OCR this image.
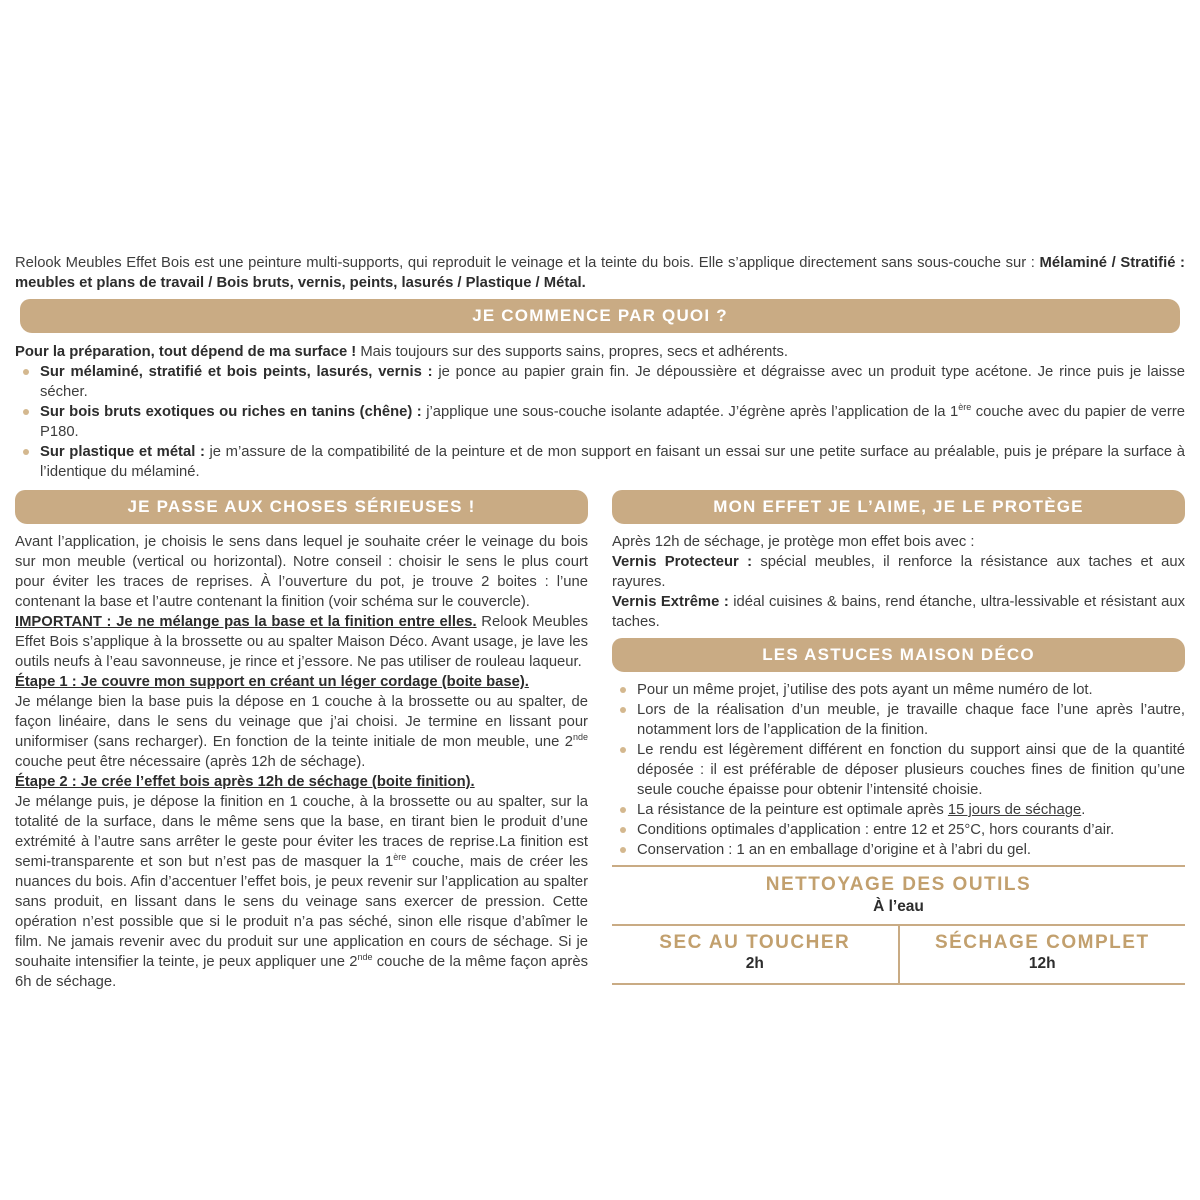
Relook Meubles Effet Bois est une peinture multi-supports, qui reproduit le veinage et la teinte du bois. Elle s’applique directement sans sous-couche sur : Mélaminé / Stratifié : meubles et plans de travail / Bois bruts, vernis, peints, lasurés / Plastique / Métal.

JE COMMENCE PAR QUOI ?

Pour la préparation, tout dépend de ma surface ! Mais toujours sur des supports sains, propres, secs et adhérents.

Sur mélaminé, stratifié et bois peints, lasurés, vernis : je ponce au papier grain fin. Je dépoussière et dégraisse avec un produit type acétone. Je rince puis je laisse sécher.
Sur bois bruts exotiques ou riches en tanins (chêne) : j’applique une sous-couche isolante adaptée. J’égrène après l’application de la 1ère couche avec du papier de verre P180.
Sur plastique et métal : je m’assure de la compatibilité de la peinture et de mon support en faisant un essai sur une petite surface au préalable, puis je prépare la surface à l’identique du mélaminé.
JE PASSE AUX CHOSES SÉRIEUSES !

Avant l’application, je choisis le sens dans lequel je souhaite créer le veinage du bois sur mon meuble (vertical ou horizontal). Notre conseil : choisir le sens le plus court pour éviter les traces de reprises. À l’ouverture du pot, je trouve 2 boites : l’une contenant la base et l’autre contenant la finition (voir schéma sur le couvercle).

IMPORTANT : Je ne mélange pas la base et la finition entre elles. Relook Meubles Effet Bois s’applique à la brossette ou au spalter Maison Déco. Avant usage, je lave les outils neufs à l’eau savonneuse, je rince et j’essore. Ne pas utiliser de rouleau laqueur.

Étape 1 : Je couvre mon support en créant un léger cordage (boite base).

Je mélange bien la base puis la dépose en 1 couche à la brossette ou au spalter, de façon linéaire, dans le sens du veinage que j’ai choisi. Je termine en lissant pour uniformiser (sans recharger). En fonction de la teinte initiale de mon meuble, une 2nde couche peut être nécessaire (après 12h de séchage).

Étape 2 : Je crée l’effet bois après 12h de séchage (boite finition).

Je mélange puis, je dépose la finition en 1 couche, à la brossette ou au spalter, sur la totalité de la surface, dans le même sens que la base, en tirant bien le produit d’une extrémité à l’autre sans arrêter le geste pour éviter les traces de reprise.La finition est semi-transparente et son but n’est pas de masquer la 1ère couche, mais de créer les nuances du bois. Afin d’accentuer l’effet bois, je peux revenir sur l’application au spalter sans produit, en lissant dans le sens du veinage sans exercer de pression. Cette opération n’est possible que si le produit n’a pas séché, sinon elle risque d’abîmer le film. Ne jamais revenir avec du produit sur une application en cours de séchage. Si je souhaite intensifier la teinte, je peux appliquer une 2nde couche de la même façon après 6h de séchage.

MON EFFET JE L’AIME, JE LE PROTÈGE

Après 12h de séchage, je protège mon effet bois avec :

Vernis Protecteur : spécial meubles, il renforce la résistance aux taches et aux rayures.

Vernis Extrême : idéal cuisines & bains, rend étanche, ultra-lessivable et résistant aux taches.

LES ASTUCES MAISON DÉCO
Pour un même projet, j’utilise des pots ayant un même numéro de lot.
Lors de la réalisation d’un meuble, je travaille chaque face l’une après l’autre, notamment lors de l’application de la finition.
Le rendu est légèrement différent en fonction du support ainsi que de la quantité déposée : il est préférable de déposer plusieurs couches fines de finition qu’une seule couche épaisse pour obtenir l’intensité choisie.
La résistance de la peinture est optimale après 15 jours de séchage.
Conditions optimales d’application : entre 12 et 25°C, hors courants d’air.
Conservation : 1 an en emballage d’origine et à l’abri du gel.
NETTOYAGE DES OUTILS
À l’eau
SEC AU TOUCHER
2h
SÉCHAGE COMPLET
12h
